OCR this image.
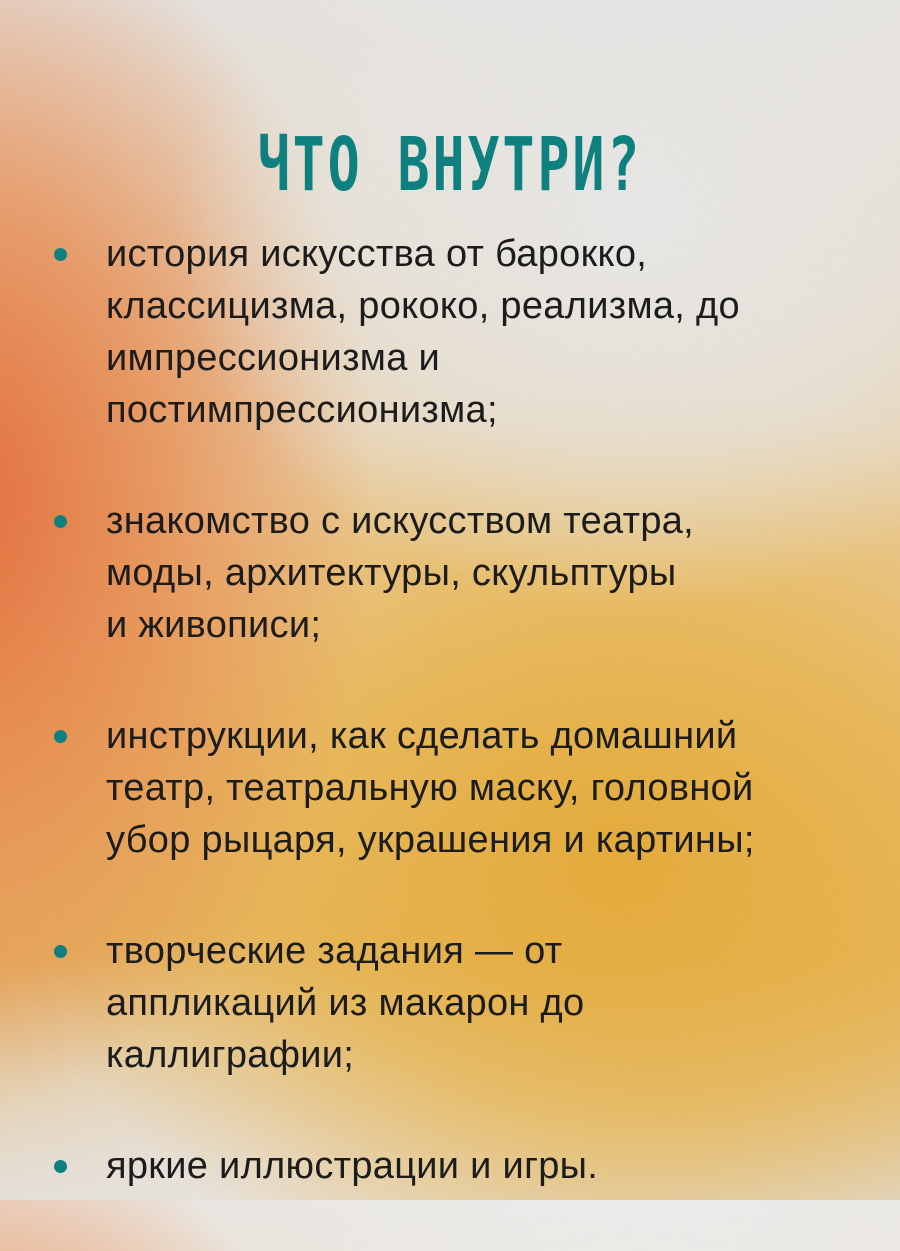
ЧТО ВНУТРИ?
история искусства от барокко,
классицизма, рококо, реализма, до
импрессионизма и
постимпрессионизма;
знакомство с искусством театра,
моды, архитектуры, скульптуры
и живописи;
инструкции, как сделать домашний
театр, театральную маску, головной
убор рыцаря, украшения и картины;
творческие задания — от
аппликаций из макарон до
каллиграфии;
яркие иллюстрации и игры.
